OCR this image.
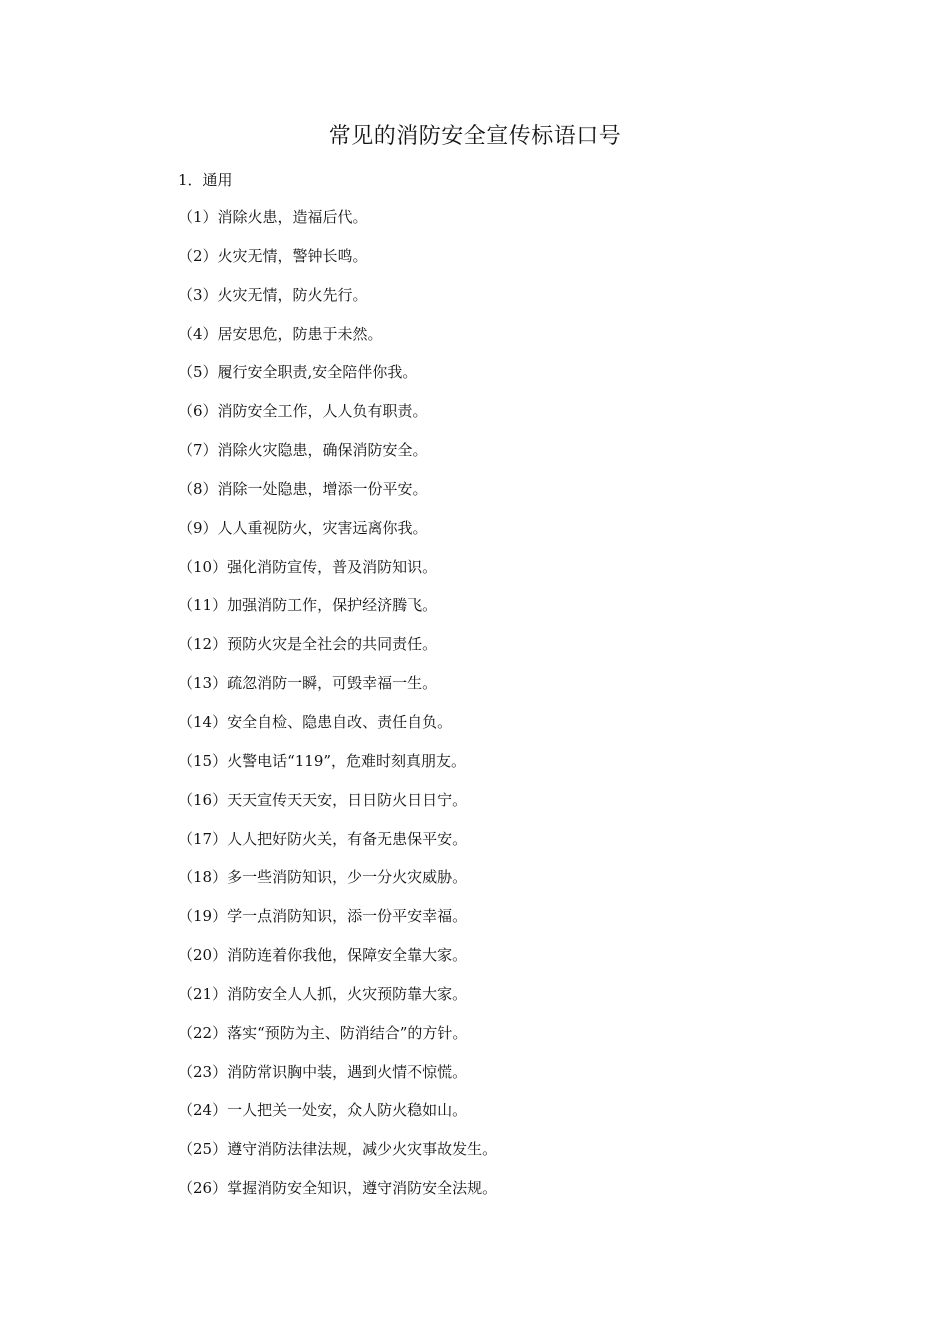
常见的消防安全宣传标语口号
1．通用
（1）消除火患，造福后代。
（2）火灾无情，警钟长鸣。
（3）火灾无情，防火先行。
（4）居安思危，防患于未然。
（5）履行安全职责,安全陪伴你我。
（6）消防安全工作，人人负有职责。
（7）消除火灾隐患，确保消防安全。
（8）消除一处隐患，增添一份平安。
（9）人人重视防火，灾害远离你我。
（10）强化消防宣传，普及消防知识。
（11）加强消防工作，保护经济腾飞。
（12）预防火灾是全社会的共同责任。
（13）疏忽消防一瞬，可毁幸福一生。
（14）安全自检、隐患自改、责任自负。
（15）火警电话“119”，危难时刻真朋友。
（16）天天宣传天天安，日日防火日日宁。
（17）人人把好防火关，有备无患保平安。
（18）多一些消防知识，少一分火灾威胁。
（19）学一点消防知识，添一份平安幸福。
（20）消防连着你我他，保障安全靠大家。
（21）消防安全人人抓，火灾预防靠大家。
（22）落实“预防为主、防消结合”的方针。
（23）消防常识胸中装，遇到火情不惊慌。
（24）一人把关一处安，众人防火稳如山。
（25）遵守消防法律法规，减少火灾事故发生。
（26）掌握消防安全知识，遵守消防安全法规。
